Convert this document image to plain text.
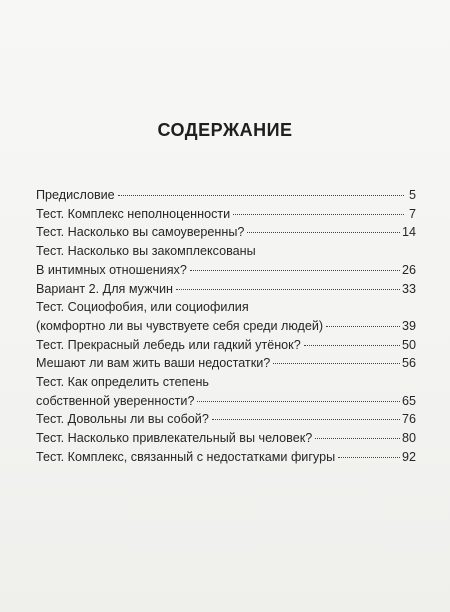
СОДЕРЖАНИЕ
Предисловие	5
Тест. Комплекс неполноценности	7
Тест. Насколько вы самоуверенны?	14
Тест. Насколько вы закомплексованы
В интимных отношениях?	26
Вариант 2. Для мужчин	33
Тест. Социофобия, или социофилия
(комфортно ли вы чувствуете себя среди людей)	39
Тест. Прекрасный лебедь или гадкий утёнок?	50
Мешают ли вам жить ваши недостатки?	56
Тест. Как определить степень
собственной уверенности?	65
Тест. Довольны ли вы собой?	76
Тест. Насколько привлекательный вы человек?	80
Тест. Комплекс, связанный с недостатками фигуры	92
